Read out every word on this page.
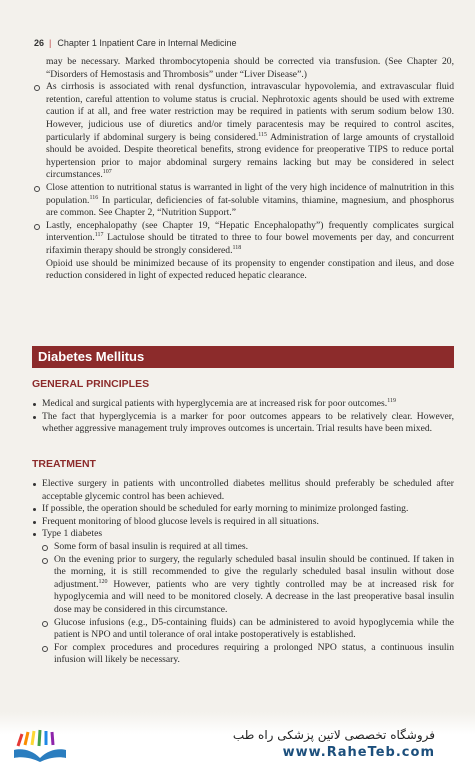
26 | Chapter 1 Inpatient Care in Internal Medicine

may be necessary. Marked thrombocytopenia should be corrected via transfusion. (See Chapter 20, “Disorders of Hemostasis and Thrombosis” under “Liver Disease”.)

As cirrhosis is associated with renal dysfunction, intravascular hypovolemia, and extravascular fluid retention, careful attention to volume status is crucial. Nephrotoxic agents should be used with extreme caution if at all, and free water restriction may be required in patients with serum sodium below 130. However, judicious use of diuretics and/or timely paracentesis may be required to control ascites, particularly if abdominal surgery is being considered.$^{115}$ Administration of large amounts of crystalloid should be avoided. Despite theoretical benefits, strong evidence for preoperative TIPS to reduce portal hypertension prior to major abdominal surgery remains lacking but may be considered in select circumstances.$^{107}$

Close attention to nutritional status is warranted in light of the very high incidence of malnutrition in this population.$^{116}$ In particular, deficiencies of fat-soluble vitamins, thiamine, magnesium, and phosphorus are common. See Chapter 2, “Nutrition Support.”

Lastly, encephalopathy (see Chapter 19, “Hepatic Encephalopathy”) frequently complicates surgical intervention.$^{117}$ Lactulose should be titrated to three to four bowel movements per day, and concurrent rifaximin therapy should be strongly considered.$^{118}$

Opioid use should be minimized because of its propensity to engender constipation and ileus, and dose reduction considered in light of expected reduced hepatic clearance.

Diabetes Mellitus
GENERAL PRINCIPLES

Medical and surgical patients with hyperglycemia are at increased risk for poor outcomes.$^{119}$

The fact that hyperglycemia is a marker for poor outcomes appears to be relatively clear. However, whether aggressive management truly improves outcomes is uncertain. Trial results have been mixed.

TREATMENT

Elective surgery in patients with uncontrolled diabetes mellitus should preferably be scheduled after acceptable glycemic control has been achieved.

If possible, the operation should be scheduled for early morning to minimize prolonged fasting.

Frequent monitoring of blood glucose levels is required in all situations.

Type 1 diabetes

Some form of basal insulin is required at all times.

On the evening prior to surgery, the regularly scheduled basal insulin should be continued. If taken in the morning, it is still recommended to give the regularly scheduled basal insulin without dose adjustment.$^{120}$ However, patients who are very tightly controlled may be at increased risk for hypoglycemia and will need to be monitored closely. A decrease in the last preoperative basal insulin dose may be considered in this circumstance.

Glucose infusions (e.g., D5-containing fluids) can be administered to avoid hypoglycemia while the patient is NPO and until tolerance of oral intake postoperatively is established.

For complex procedures and procedures requiring a prolonged NPO status, a continuous insulin infusion will likely be necessary.

فروشگاه تخصصی لاتین پزشکی راه طب
www.RaheTeb.com
